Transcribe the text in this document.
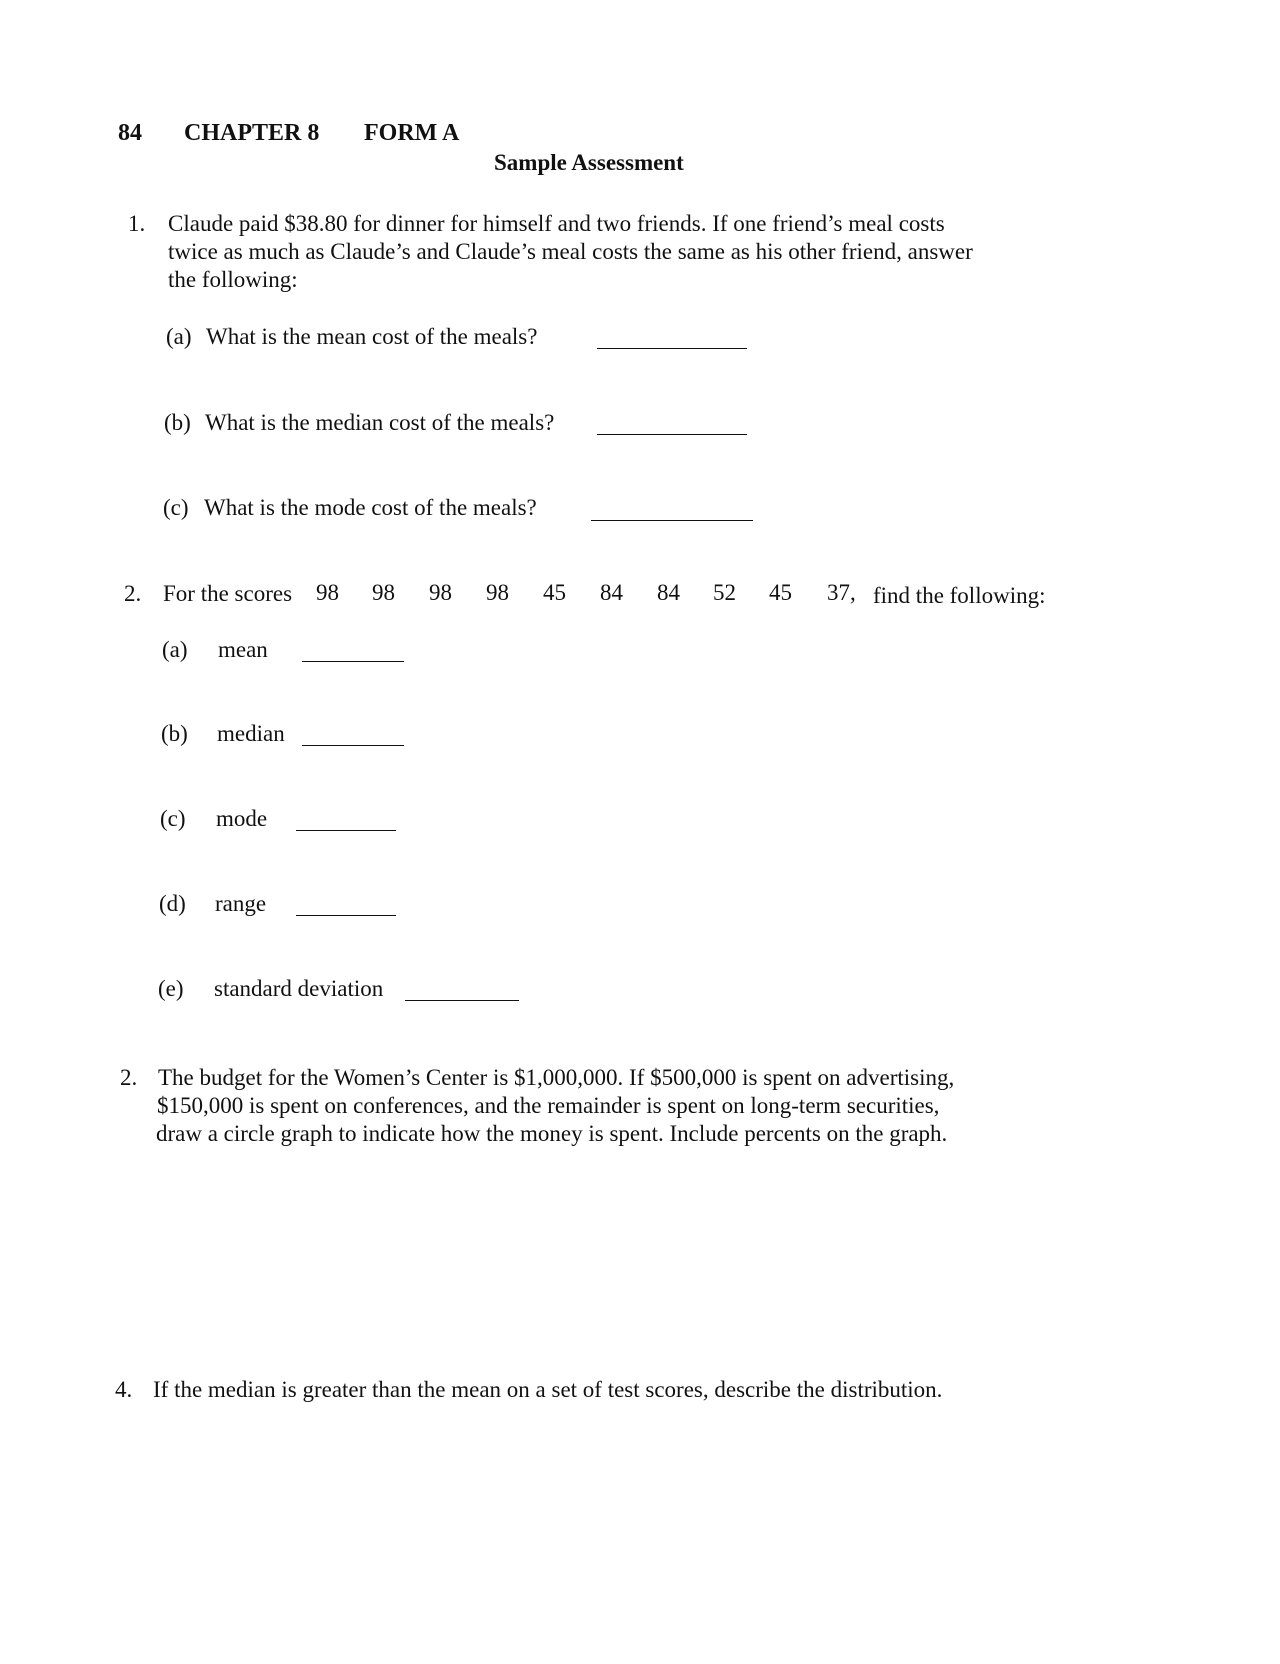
84 CHAPTER 8 FORM A
Sample Assessment
1. Claude paid $38.80 for dinner for himself and two friends. If one friend’s meal costs
twice as much as Claude’s and Claude’s meal costs the same as his other friend, answer
the following:
(a) What is the mean cost of the meals?
(b) What is the median cost of the meals?
(c) What is the mode cost of the meals?
2. For the scores 98 98 98 98 45 84 84 52 45 37, find the following:
(a) mean
(b) median
(c) mode
(d) range
(e) standard deviation
2. The budget for the Women’s Center is $1,000,000. If $500,000 is spent on advertising,
$150,000 is spent on conferences, and the remainder is spent on long-term securities,
draw a circle graph to indicate how the money is spent. Include percents on the graph.
4. If the median is greater than the mean on a set of test scores, describe the distribution.
